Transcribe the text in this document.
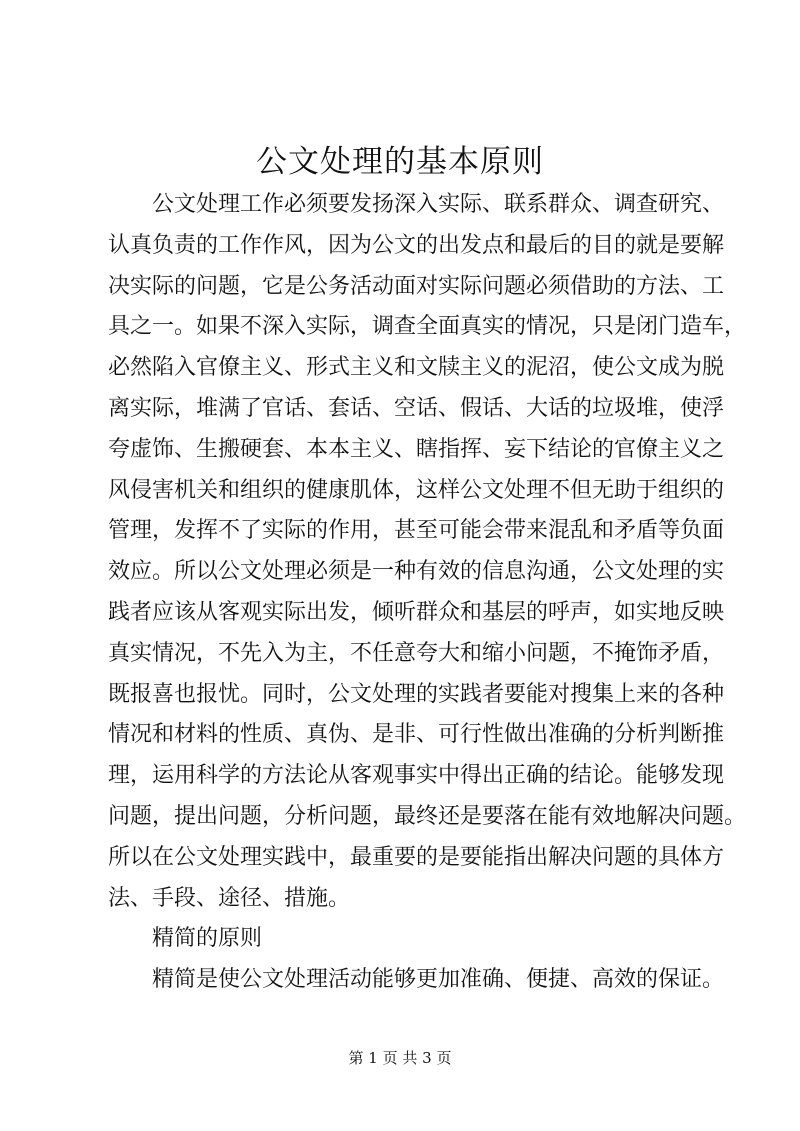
公文处理的基本原则
公文处理工作必须要发扬深入实际、联系群众、调查研究、
认真负责的工作作风，因为公文的出发点和最后的目的就是要解
决实际的问题，它是公务活动面对实际问题必须借助的方法、工
具之一。如果不深入实际，调查全面真实的情况，只是闭门造车，
必然陷入官僚主义、形式主义和文牍主义的泥沼，使公文成为脱
离实际，堆满了官话、套话、空话、假话、大话的垃圾堆，使浮
夸虚饰、生搬硬套、本本主义、瞎指挥、妄下结论的官僚主义之
风侵害机关和组织的健康肌体，这样公文处理不但无助于组织的
管理，发挥不了实际的作用，甚至可能会带来混乱和矛盾等负面
效应。所以公文处理必须是一种有效的信息沟通，公文处理的实
践者应该从客观实际出发，倾听群众和基层的呼声，如实地反映
真实情况，不先入为主，不任意夸大和缩小问题，不掩饰矛盾，
既报喜也报忧。同时，公文处理的实践者要能对搜集上来的各种
情况和材料的性质、真伪、是非、可行性做出准确的分析判断推
理，运用科学的方法论从客观事实中得出正确的结论。能够发现
问题，提出问题，分析问题，最终还是要落在能有效地解决问题。
所以在公文处理实践中，最重要的是要能指出解决问题的具体方
法、手段、途径、措施。
精简的原则
精简是使公文处理活动能够更加准确、便捷、高效的保证。
第 1 页 共 3 页
